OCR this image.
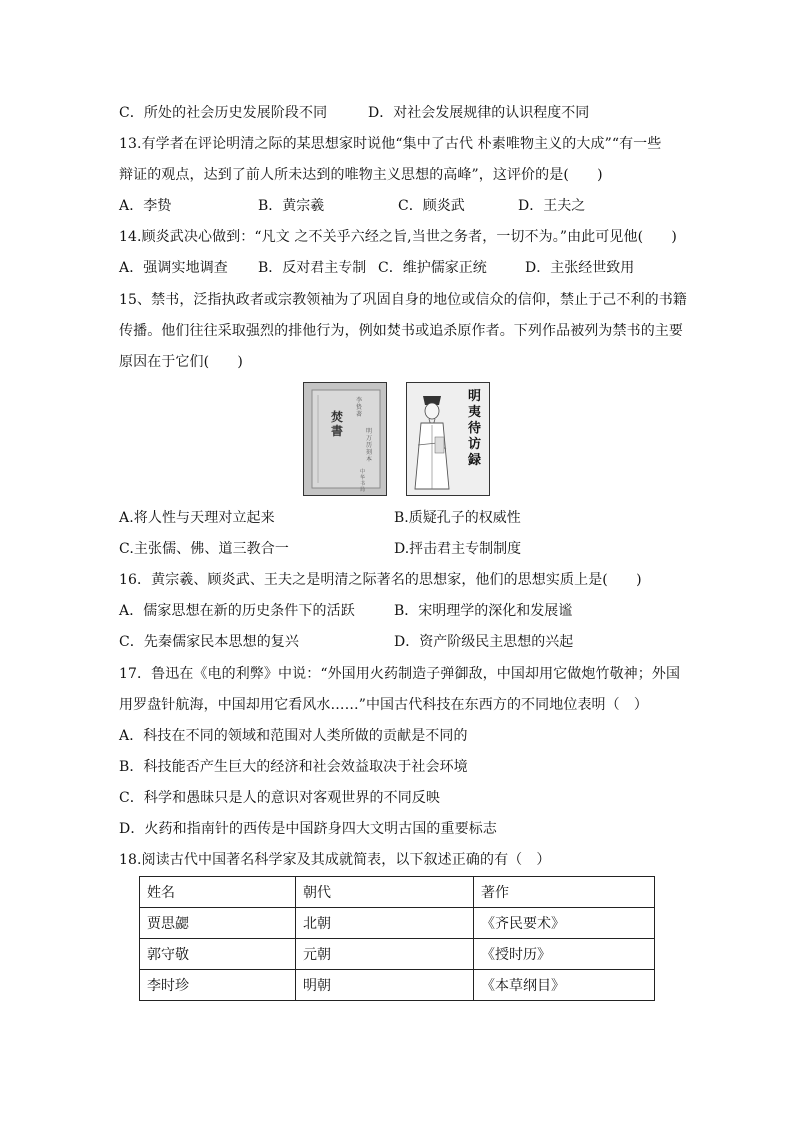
C．所处的社会历史发展阶段不同	D．对社会发展规律的认识程度不同
13.有学者在评论明清之际的某思想家时说他“集中了古代 朴素唯物主义的大成”“有一些
辩证的观点，达到了前人所未达到的唯物主义思想的高峰”，这评价的是(　　)
A．李贽	B．黄宗羲	C．顾炎武	D．王夫之
14.顾炎武决心做到：“凡文 之不关乎六经之旨,当世之务者，一切不为。”由此可见他(　　)
A．强调实地调查 B．反对君主专制 C．维护儒家正统	D．主张经世致用
15、禁书，泛指执政者或宗教领袖为了巩固自身的地位或信众的信仰，禁止于己不利的书籍
传播。他们往往采取强烈的排他行为，例如焚书或追杀原作者。下列作品被列为禁书的主要
原因在于它们(　　)
焚書
李贽 著
明万历刻本
中华书局
明夷待访録
A.将人性与天理对立起来	B.质疑孔子的权威性
C.主张儒、佛、道三教合一	D.抨击君主专制制度
16．黄宗羲、顾炎武、王夫之是明清之际著名的思想家，他们的思想实质上是(　　)
A．儒家思想在新的历史条件下的活跃	B．宋明理学的深化和发展谧
C．先秦儒家民本思想的复兴	D．资产阶级民主思想的兴起
17．鲁迅在《电的利弊》中说：“外国用火药制造子弹御敌，中国却用它做炮竹敬神；外国
用罗盘针航海，中国却用它看风水……”中国古代科技在东西方的不同地位表明（　）
A．科技在不同的领域和范围对人类所做的贡献是不同的
B．科技能否产生巨大的经济和社会效益取决于社会环境
C．科学和愚昧只是人的意识对客观世界的不同反映
D．火药和指南针的西传是中国跻身四大文明古国的重要标志
18.阅读古代中国著名科学家及其成就简表，以下叙述正确的有（　）
姓名	朝代	著作
贾思勰	北朝	《齐民要术》
郭守敬	元朝	《授时历》
李时珍	明朝	《本草纲目》
